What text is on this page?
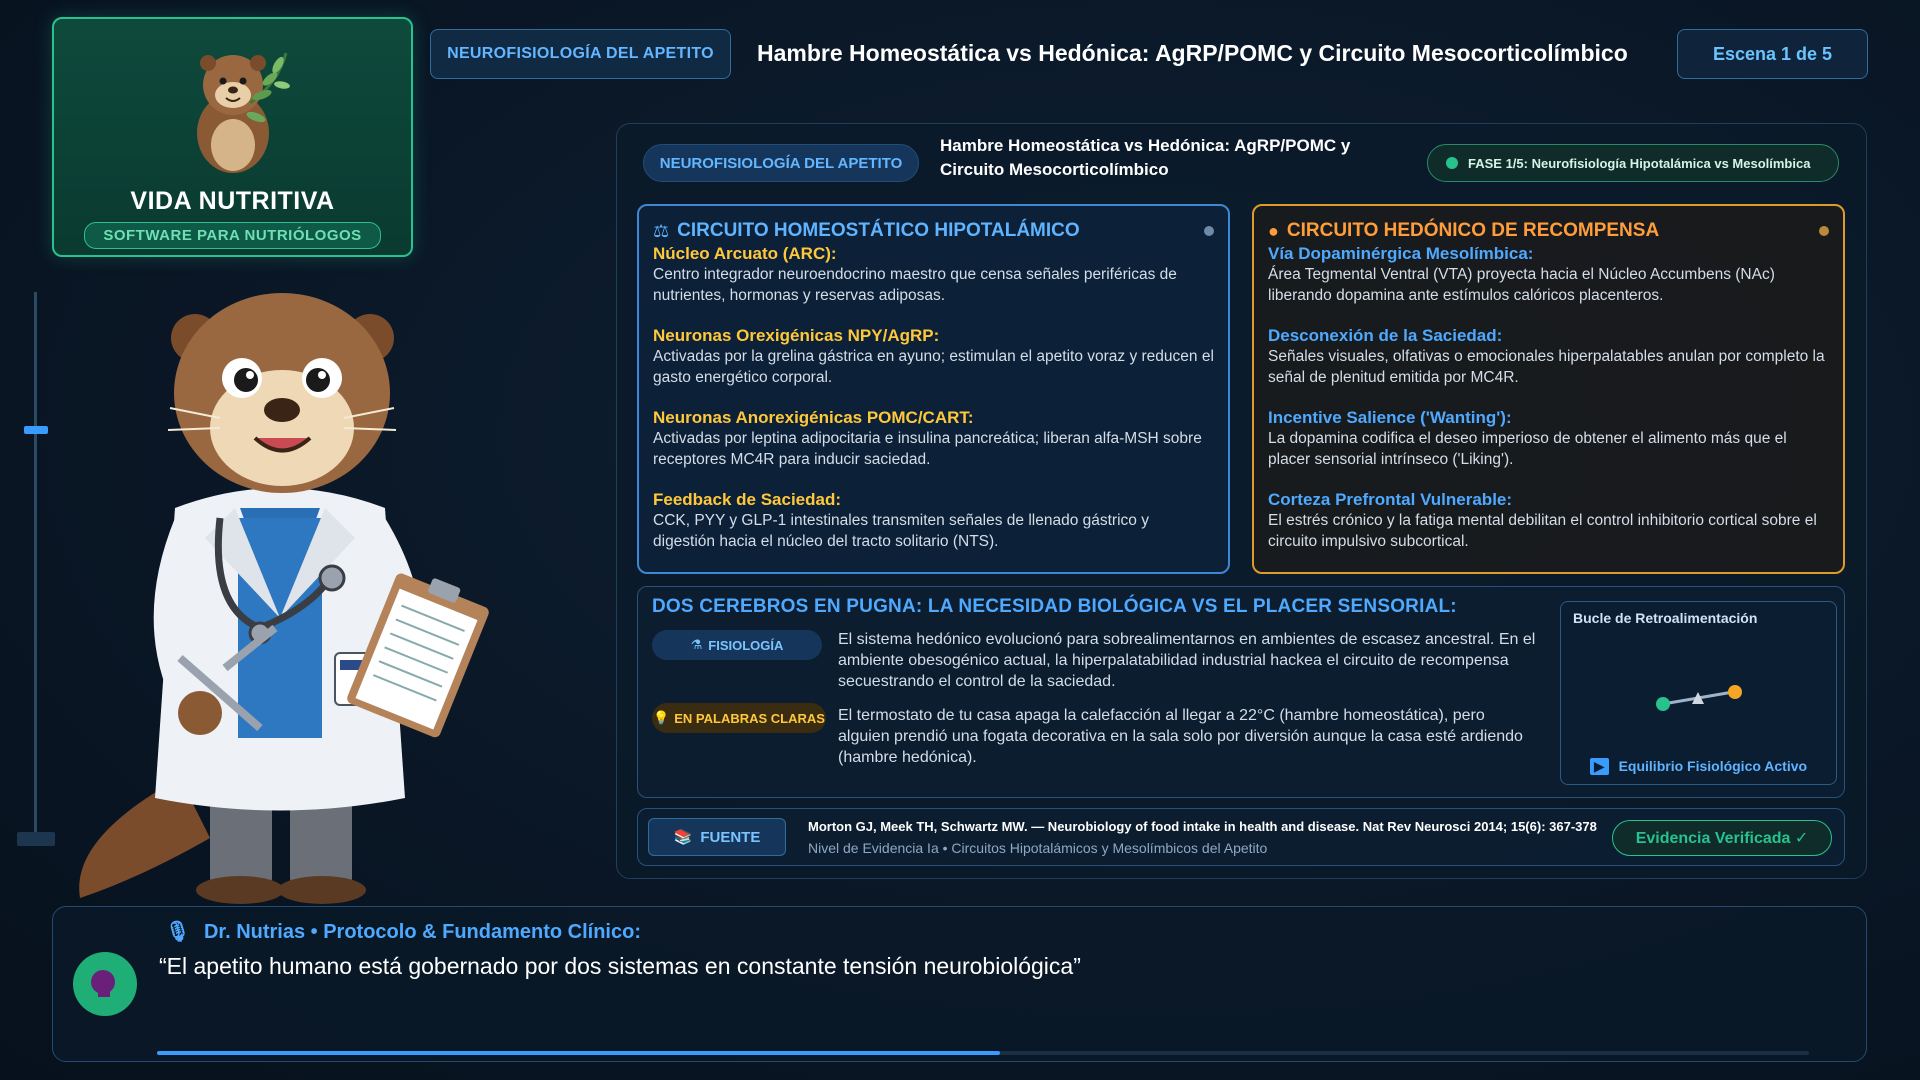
VIDA NUTRITIVA
SOFTWARE PARA NUTRIÓLOGOS
NEUROFISIOLOGÍA DEL APETITO	Hambre Homeostática vs Hedónica: AgRP/POMC y Circuito Mesocorticolímbico	Escena 1 de 5
NEUROFISIOLOGÍA DEL APETITO
Hambre Homeostática vs Hedónica: AgRP/POMC y Circuito Mesocorticolímbico	FASE 1/5: Neurofisiología Hipotalámica vs Mesolímbica
⚖ CIRCUITO HOMEOSTÁTICO HIPOTALÁMICO
Núcleo Arcuato (ARC):
Centro integrador neuroendocrino maestro que censa señales periféricas de nutrientes, hormonas y reservas adiposas.
Neuronas Orexigénicas NPY/AgRP:
Activadas por la grelina gástrica en ayuno; estimulan el apetito voraz y reducen el gasto energético corporal.
Neuronas Anorexigénicas POMC/CART:
Activadas por leptina adipocitaria e insulina pancreática; liberan alfa-MSH sobre receptores MC4R para inducir saciedad.
Feedback de Saciedad:
CCK, PYY y GLP-1 intestinales transmiten señales de llenado gástrico y digestión hacia el núcleo del tracto solitario (NTS).
● CIRCUITO HEDÓNICO DE RECOMPENSA
Vía Dopaminérgica Mesolímbica:
Área Tegmental Ventral (VTA) proyecta hacia el Núcleo Accumbens (NAc) liberando dopamina ante estímulos calóricos placenteros.
Desconexión de la Saciedad:
Señales visuales, olfativas o emocionales hiperpalatables anulan por completo la señal de plenitud emitida por MC4R.
Incentive Salience ('Wanting'):
La dopamina codifica el deseo imperioso de obtener el alimento más que el placer sensorial intrínseco ('Liking').
Corteza Prefrontal Vulnerable:
El estrés crónico y la fatiga mental debilitan el control inhibitorio cortical sobre el circuito impulsivo subcortical.
DOS CEREBROS EN PUGNA: LA NECESIDAD BIOLÓGICA VS EL PLACER SENSORIAL:
⚗ FISIOLOGÍA	El sistema hedónico evolucionó para sobrealimentarnos en ambientes de escasez ancestral. En el ambiente obesogénico actual, la hiperpalatabilidad industrial hackea el circuito de recompensa secuestrando el control de la saciedad.
💡 EN PALABRAS CLARAS El termostato de tu casa apaga la calefacción al llegar a 22°C (hambre homeostática), pero alguien prendió una fogata decorativa en la sala solo por diversión aunque la casa esté ardiendo (hambre hedónica).
Bucle de Retroalimentación
▶ Equilibrio Fisiológico Activo
📚 FUENTE
Morton GJ, Meek TH, Schwartz MW. — Neurobiology of food intake in health and disease. Nat Rev Neurosci 2014; 15(6): 367-378
Nivel de Evidencia Ia • Circuitos Hipotalámicos y Mesolímbicos del Apetito
Evidencia Verificada ✓
🎙 Dr. Nutrias • Protocolo & Fundamento Clínico:
“El apetito humano está gobernado por dos sistemas en constante tensión neurobiológica”
